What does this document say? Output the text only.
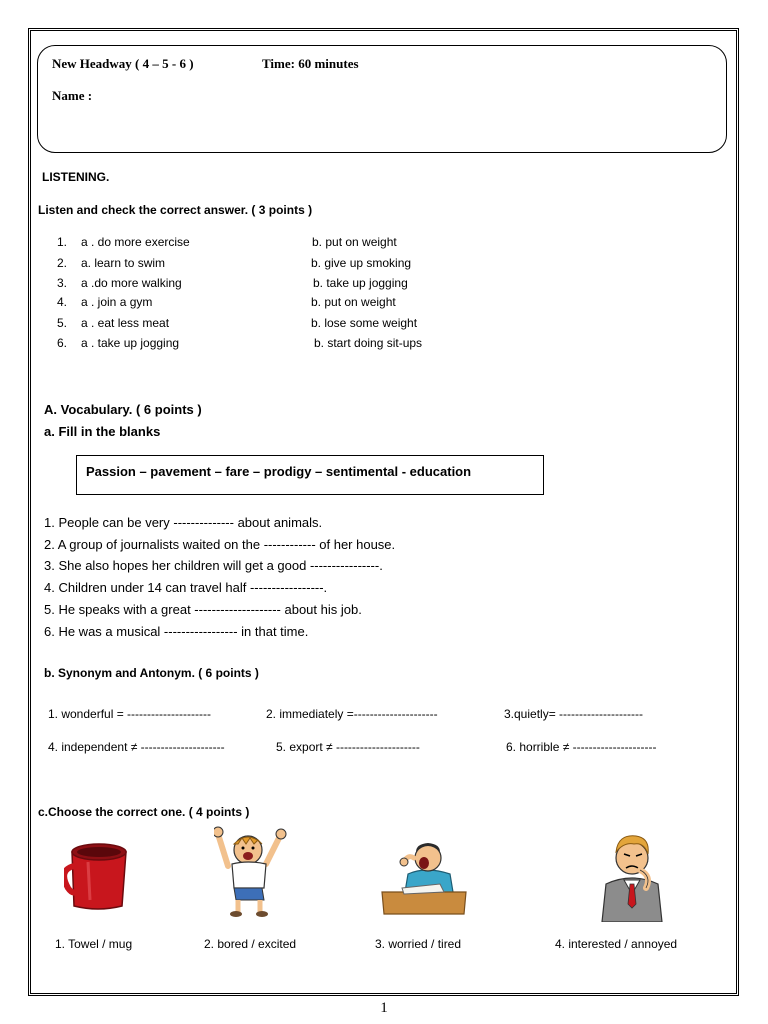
New Headway ( 4 – 5 - 6 )	Time: 60 minutes
Name :
LISTENING.
Listen and check the correct answer. ( 3 points )
1. a . do more exercise	b. put on weight
2. a. learn to swim	b. give up smoking
3. a .do more walking	b. take up jogging
4. a . join a gym	b. put on weight
5. a . eat less meat	b. lose some weight
6. a . take up jogging	b. start doing sit-ups
A. Vocabulary. ( 6 points )
a. Fill in the blanks
Passion – pavement – fare – prodigy – sentimental - education
1. People can be very -------------- about animals.
2. A group of journalists waited on the ------------ of her house.
3. She also hopes her children will get a good ----------------.
4. Children under 14 can travel half -----------------.
5. He speaks with a great -------------------- about his job.
6. He was a musical ----------------- in that time.
b. Synonym and Antonym. ( 6 points )
1. wonderful = ---------------------	2. immediately =---------------------	3.quietly= ---------------------
4. independent ≠ ---------------------	5. export ≠ ---------------------	6. horrible ≠ ---------------------
c.Choose the correct one. ( 4 points )
1. Towel / mug	2. bored / excited	3. worried / tired	4. interested / annoyed
1
